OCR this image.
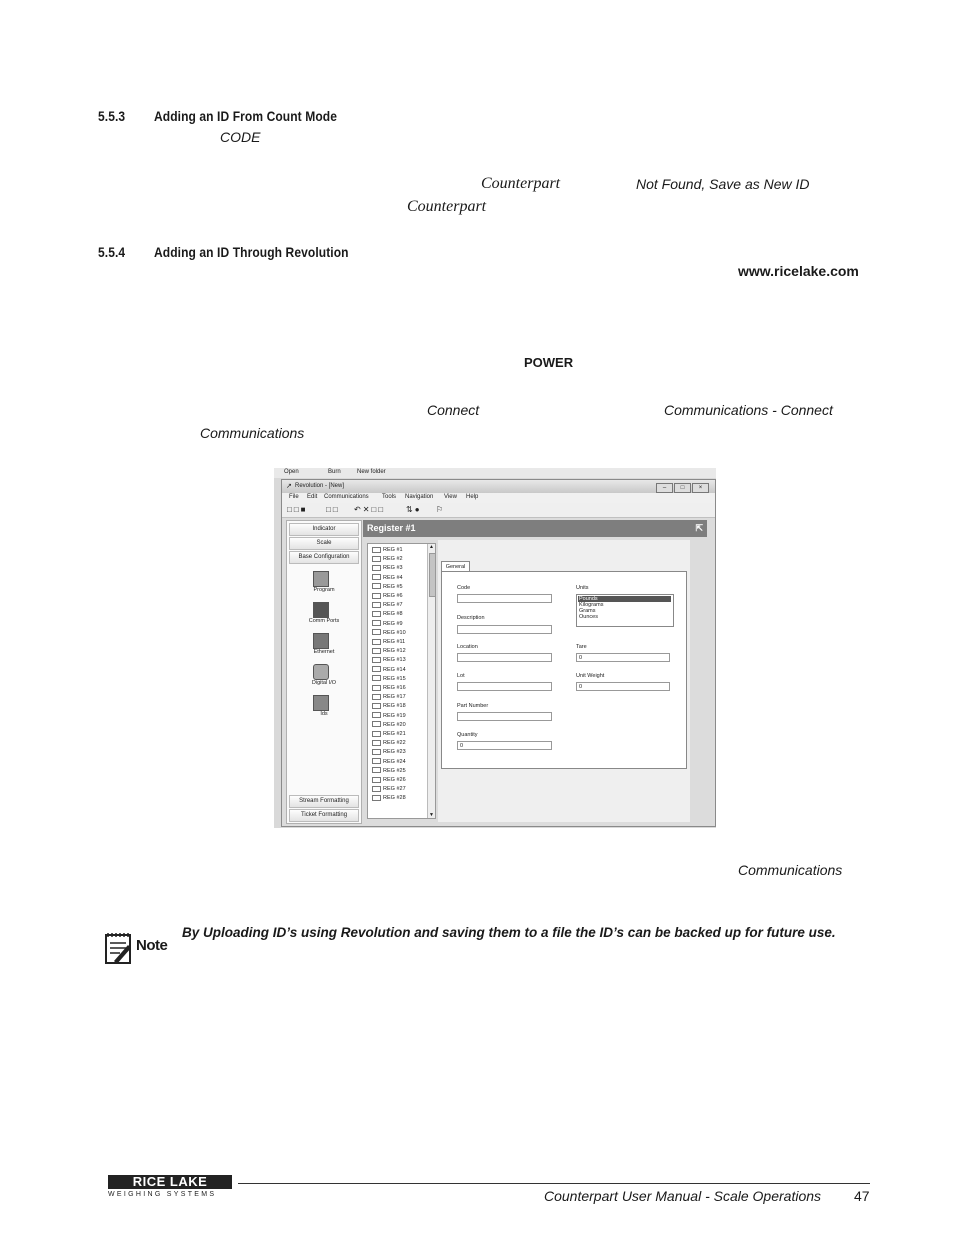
5.5.3 Adding an ID From Count Mode
CODE
Counterpart	Not Found, Save as New ID
Counterpart
5.5.4 Adding an ID Through Revolution
www.ricelake.com
POWER
Connect	Communications - Connect
Communications
Open	Burn	New folder
↗ Revolution - [New]	–	□	×
File Edit Communications Tools Navigation View Help
□□■ □□ ↶✕□□	⇅● ⚐
Indicator
Scale
Base Configuration
Program
Comm Ports
Ethernet
Digital I/O
Ids
Stream Formatting
Ticket Formatting
Register #1	⇱
▲
▼
REG #1
REG #2
REG #3
REG #4
REG #5
REG #6
REG #7
REG #8
REG #9
REG #10
REG #11
REG #12
REG #13
REG #14
REG #15
REG #16
REG #17
REG #18
REG #19
REG #20
REG #21
REG #22
REG #23
REG #24
REG #25
REG #26
REG #27
REG #28
General
Code
Description
Location
Lot
Part Number
Quantity
0
Units
Pounds
Kilograms
Grams
Ounces
Tare
0
Unit Weight
0
Communications
Note
By Uploading ID’s using Revolution and saving them to a file the ID’s can be backed up for future use.
RICE LAKE
WEIGHING SYSTEMS	Counterpart User Manual - Scale Operations 47
